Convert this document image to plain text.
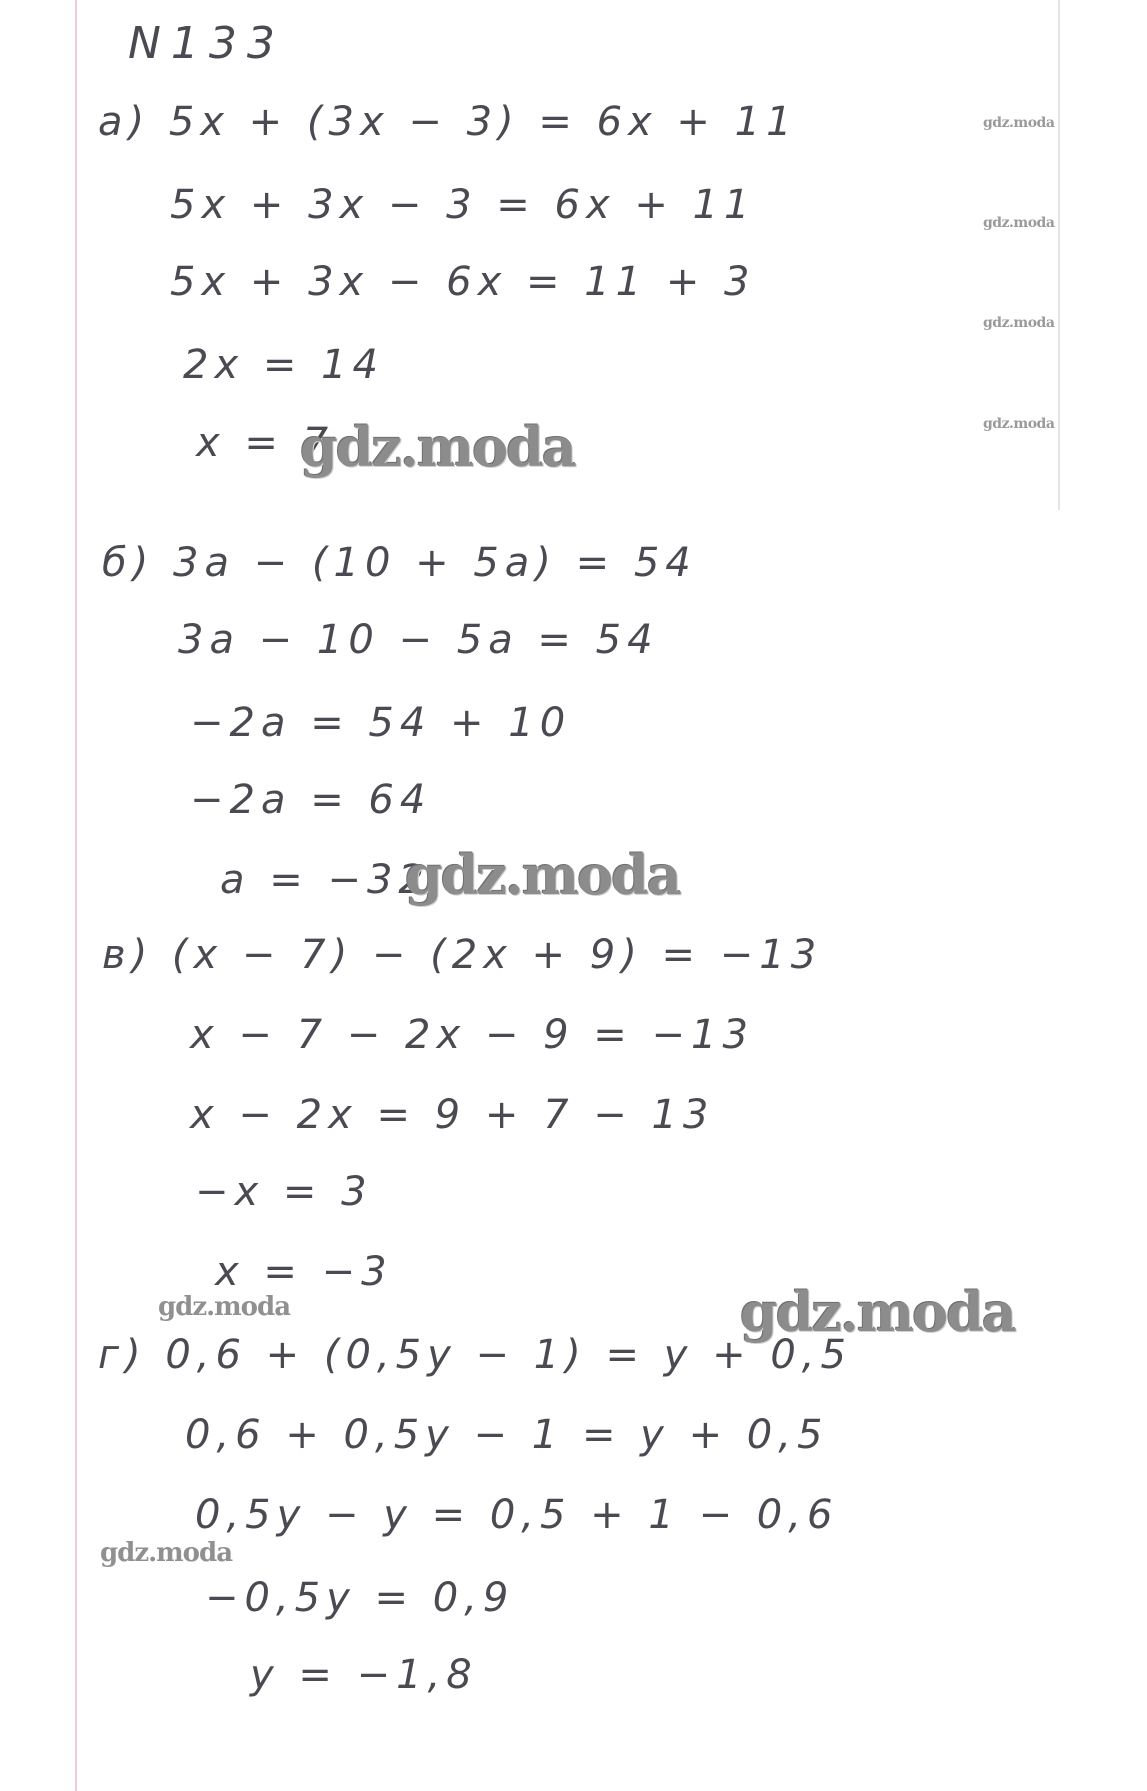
N133
а) 5x + (3x − 3) = 6x + 11
5x + 3x − 3 = 6x + 11
5x + 3x − 6x = 11 + 3
2x = 14
x = 7
б) 3a − (10 + 5a) = 54
3a − 10 − 5a = 54
−2a = 54 + 10
−2a = 64
a = −32
в) (x − 7) − (2x + 9) = −13
x − 7 − 2x − 9 = −13
x − 2x = 9 + 7 − 13
−x = 3
x = −3
г) 0,6 + (0,5y − 1) = y + 0,5
0,6 + 0,5y − 1 = y + 0,5
0,5y − y = 0,5 + 1 − 0,6
−0,5y = 0,9
y = −1,8
gdz.moda
gdz.moda
gdz.moda
gdz.moda
gdz.moda
gdz.moda
gdz.moda
gdz.moda
gdz.moda
